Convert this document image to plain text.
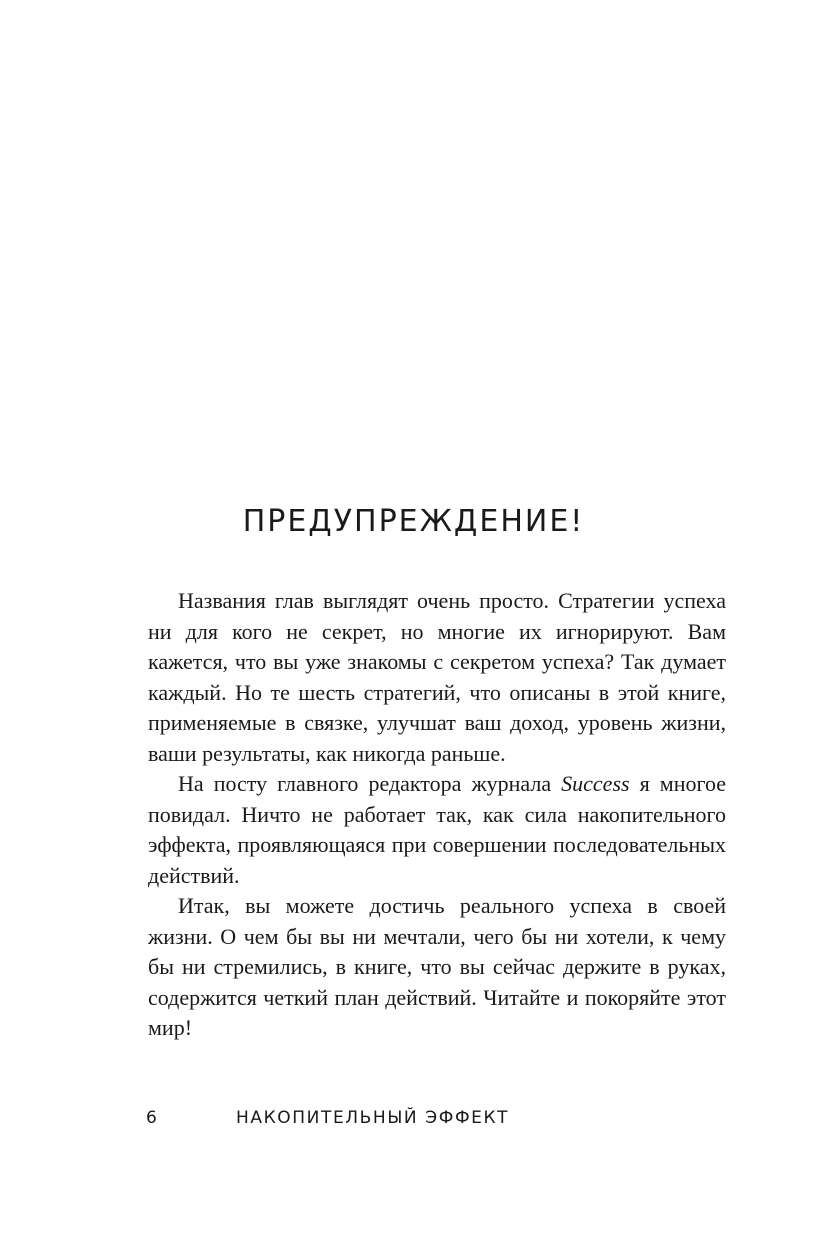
ПРЕДУПРЕЖДЕНИЕ!

Названия глав выглядят очень просто. Стратегии успеха ни для кого не секрет, но многие их игнорируют. Вам кажется, что вы уже знакомы с секретом успеха? Так думает каждый. Но те шесть стратегий, что описаны в этой книге, применяемые в связке, улучшат ваш доход, уровень жизни, ваши результаты, как никогда раньше.

На посту главного редактора журнала Success я многое повидал. Ничто не работает так, как сила накопительного эффекта, проявляющаяся при совершении последовательных действий.

Итак, вы можете достичь реального успеха в своей жизни. О чем бы вы ни мечтали, чего бы ни хотели, к чему бы ни стремились, в книге, что вы сейчас держите в руках, содержится четкий план действий. Читайте и покоряйте этот мир!

6	НАКОПИТЕЛЬНЫЙ ЭФФЕКТ
